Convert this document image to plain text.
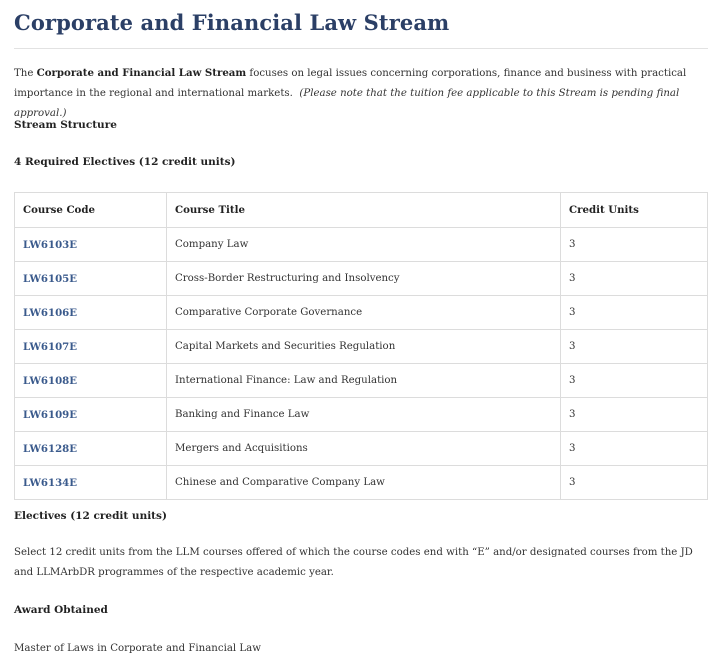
Corporate and Financial Law Stream
The Corporate and Financial Law Stream focuses on legal issues concerning corporations, finance and business with practical importance in the regional and international markets. (Please note that the tuition fee applicable to this Stream is pending final approval.)
Stream Structure
4 Required Electives (12 credit units)
Course Code	Course Title	Credit Units
LW6103E	Company Law	3
LW6105E	Cross-Border Restructuring and Insolvency	3
LW6106E	Comparative Corporate Governance	3
LW6107E	Capital Markets and Securities Regulation	3
LW6108E	International Finance: Law and Regulation	3
LW6109E	Banking and Finance Law	3
LW6128E	Mergers and Acquisitions	3
LW6134E	Chinese and Comparative Company Law	3
Electives (12 credit units)
Select 12 credit units from the LLM courses offered of which the course codes end with “E” and/or designated courses from the JD and LLMArbDR programmes of the respective academic year.
Award Obtained
Master of Laws in Corporate and Financial Law
